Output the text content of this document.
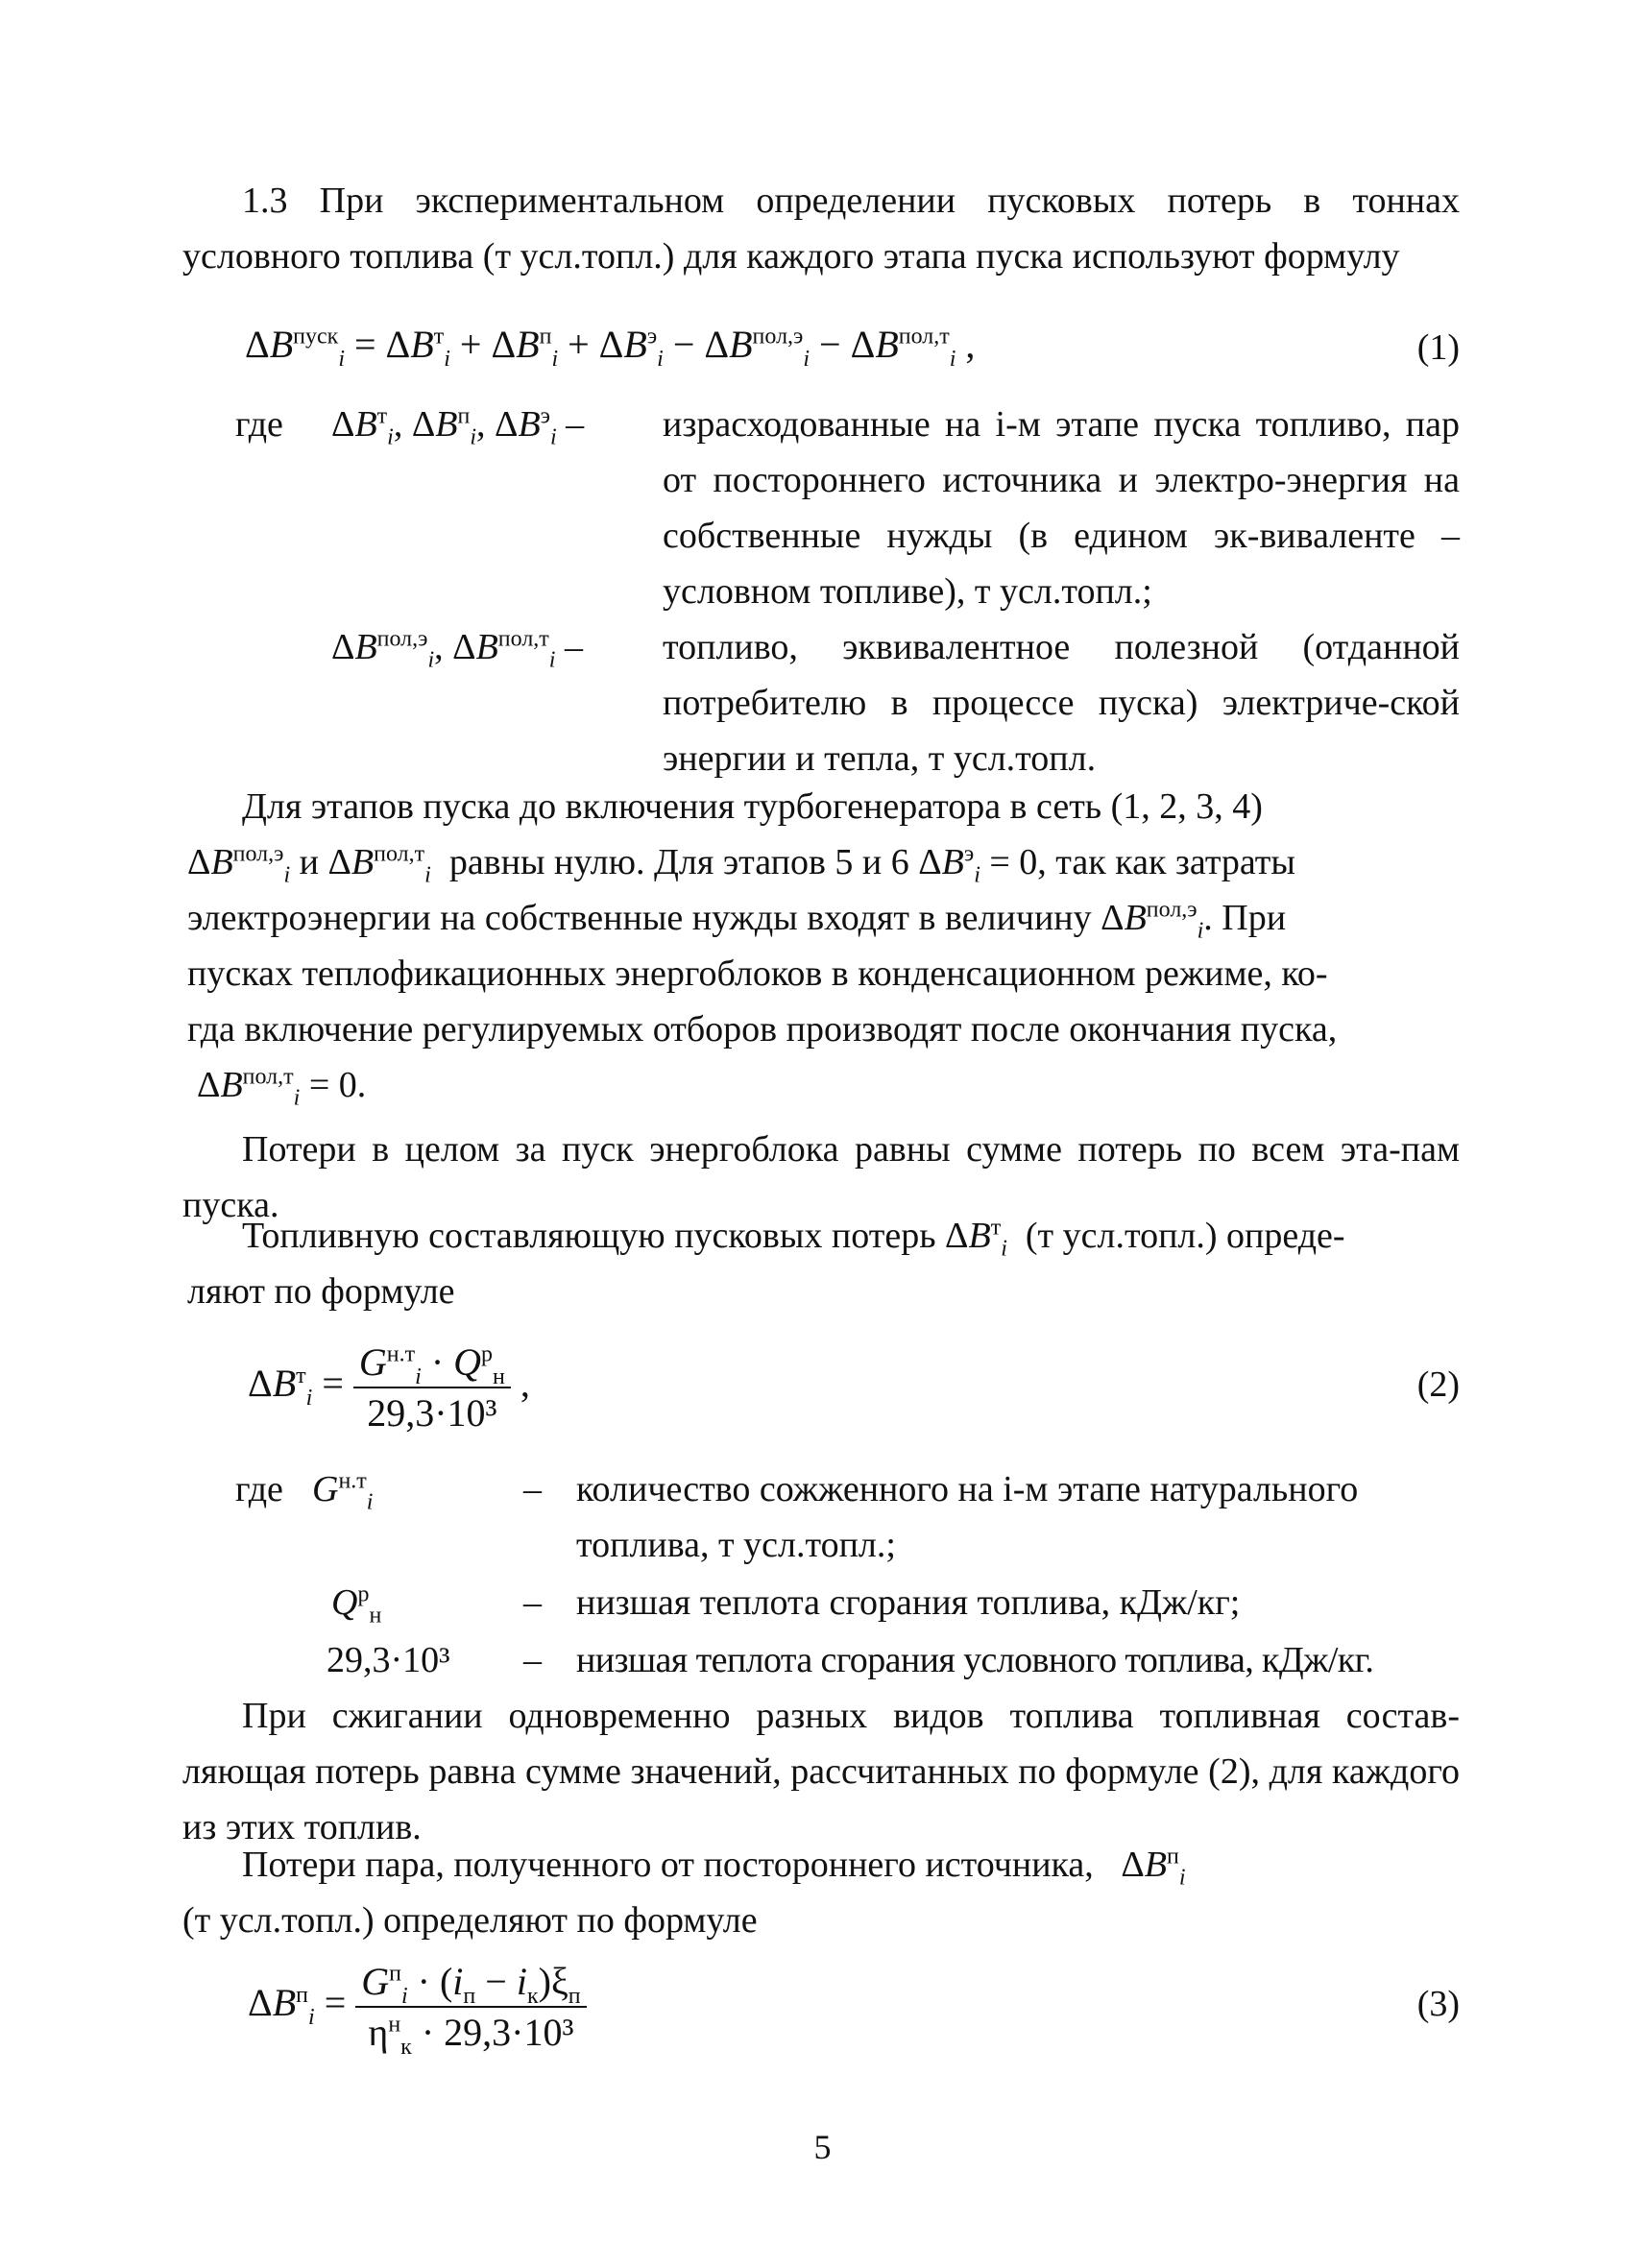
1.3 При экспериментальном определении пусковых потерь в тоннах условного топлива (т усл.топл.) для каждого этапа пуска используют формулу

$\Delta B^{пуск}_i = \Delta B^т_i + \Delta B^п_i + \Delta B^э_i - \Delta B^{пол,э}_i - \Delta B^{пол,т}_i$ ,	(1)
где $\Delta B^т_i$, $\Delta B^п_i$, $\Delta B^э_i$ – израсходованные на i-м этапе пуска топливо, пар от постороннего источника и электро-энергия на собственные нужды (в едином эк-виваленте – условном топливе), т усл.топл.;
$\Delta B^{пол,э}_i$, $\Delta B^{пол,т}_i$ – топливо, эквивалентное полезной (отданной потребителю в процессе пуска) электриче-ской энергии и тепла, т усл.топл.
Для этапов пуска до включения турбогенератора в сеть (1, 2, 3, 4)
$\Delta B^{пол,э}_i$ и $\Delta B^{пол,т}_i$ равны нулю. Для этапов 5 и 6 $\Delta B^э_i = 0$, так как затраты
электроэнергии на собственные нужды входят в величину $\Delta B^{пол,э}_i$. При
пусках теплофикационных энергоблоков в конденсационном режиме, ко-
гда включение регулируемых отборов производят после окончания пуска,
$\Delta B^{пол,т}_i = 0$.

Потери в целом за пуск энергоблока равны сумме потерь по всем эта-пам пуска.

Топливную составляющую пусковых потерь $\Delta B^т_i$ (т усл.топл.) опреде-
ляют по формуле
$\Delta B^т_i = \frac{G^{н.т}_i \cdot Q^р_н}{\text{29,3·10³}}$ ,	(2)
где $G^{н.т}_i$	– количество сожженного на i-м этапе натурального
топлива, т усл.топл.;
$Q^р_н$	– низшая теплота сгорания топлива, кДж/кг;
29,3·10³ – низшая теплота сгорания условного топлива, кДж/кг.

При сжигании одновременно разных видов топлива топливная состав-ляющая потерь равна сумме значений, рассчитанных по формуле (2), для каждого из этих топлив.

Потери пара, полученного от постороннего источника,   $\Delta B^п_i$
(т усл.топл.) определяют по формуле
$\Delta B^п_i = \frac{G^п_i \cdot (i_п - i_к)\xi_п}{\eta^н_к \cdot 29,3\cdot 10^3}$	(3)
5
